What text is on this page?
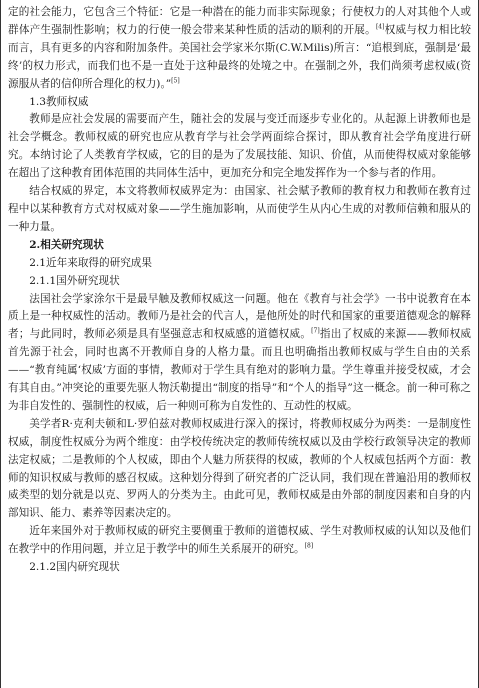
定的社会能力，它包含三个特征：它是一种潜在的能力而非实际现象；行使权力的人对其他个人或群体产生强制性影响；权力的行使一般会带来某种性质的活动的顺利的开展。[4]权威与权力相比较而言，具有更多的内容和附加条件。美国社会学家米尔斯(C.W.Milis)所言：“追根到底，强制是‘最终’的权力形式，而我们也不是一直处于这种最终的处境之中。在强制之外，我们尚须考虑权威(资源服从者的信仰所合理化的权力)。”[5]

1.3教师权威

教师是应社会发展的需要而产生，随社会的发展与变迁而逐步专业化的。从起源上讲教师也是社会学概念。教师权威的研究也应从教育学与社会学两面综合探讨，即从教育社会学角度进行研究。本纳讨论了人类教育学权威，它的目的是为了发展技能、知识、价值，从而使得权威对象能够在超出了这种教育团体范围的共同体生活中，更加充分和完全地发挥作为一个参与者的作用。

结合权威的界定，本文将教师权威界定为：由国家、社会赋予教师的教育权力和教师在教育过程中以某种教育方式对权威对象——学生施加影响，从而使学生从内心生成的对教师信赖和服从的一种力量。

2.相关研究现状

2.1近年来取得的研究成果

2.1.1国外研究现状

法国社会学家涂尔干是最早触及教师权威这一问题。他在《教育与社会学》一书中说教育在本质上是一种权威性的活动。教师乃是社会的代言人，是他所处的时代和国家的重要道德观念的解释者；与此同时，教师必须是具有坚强意志和权威感的道德权威。[7]指出了权威的来源——教师权威首先源于社会，同时也离不开教师自身的人格力量。而且也明确指出教师权威与学生自由的关系——“教育纯属‘权威’方面的事情，教师对于学生具有绝对的影响力量。学生尊重并接受权威，才会有其自由。”冲突论的重要先驱人物沃勒提出“制度的指导”和“个人的指导”这一概念。前一种可称之为非自发性的、强制性的权威，后一种则可称为自发性的、互动性的权威。

美学者R·克利夫顿和L·罗伯兹对教师权威进行深入的探讨，将教师权威分为两类：一是制度性权威，制度性权威分为两个维度：由学校传统决定的教师传统权威以及由学校行政领导决定的教师法定权威；二是教师的个人权威，即由个人魅力所获得的权威，教师的个人权威包括两个方面：教师的知识权威与教师的感召权威。这种划分得到了研究者的广泛认同，我们现在普遍沿用的教师权威类型的划分就是以克、罗两人的分类为主。由此可见，教师权威是由外部的制度因素和自身的内部知识、能力、素养等因素决定的。

近年来国外对于教师权威的研究主要侧重于教师的道德权威、学生对教师权威的认知以及他们在教学中的作用问题，并立足于教学中的师生关系展开的研究。[8]

2.1.2国内研究现状
